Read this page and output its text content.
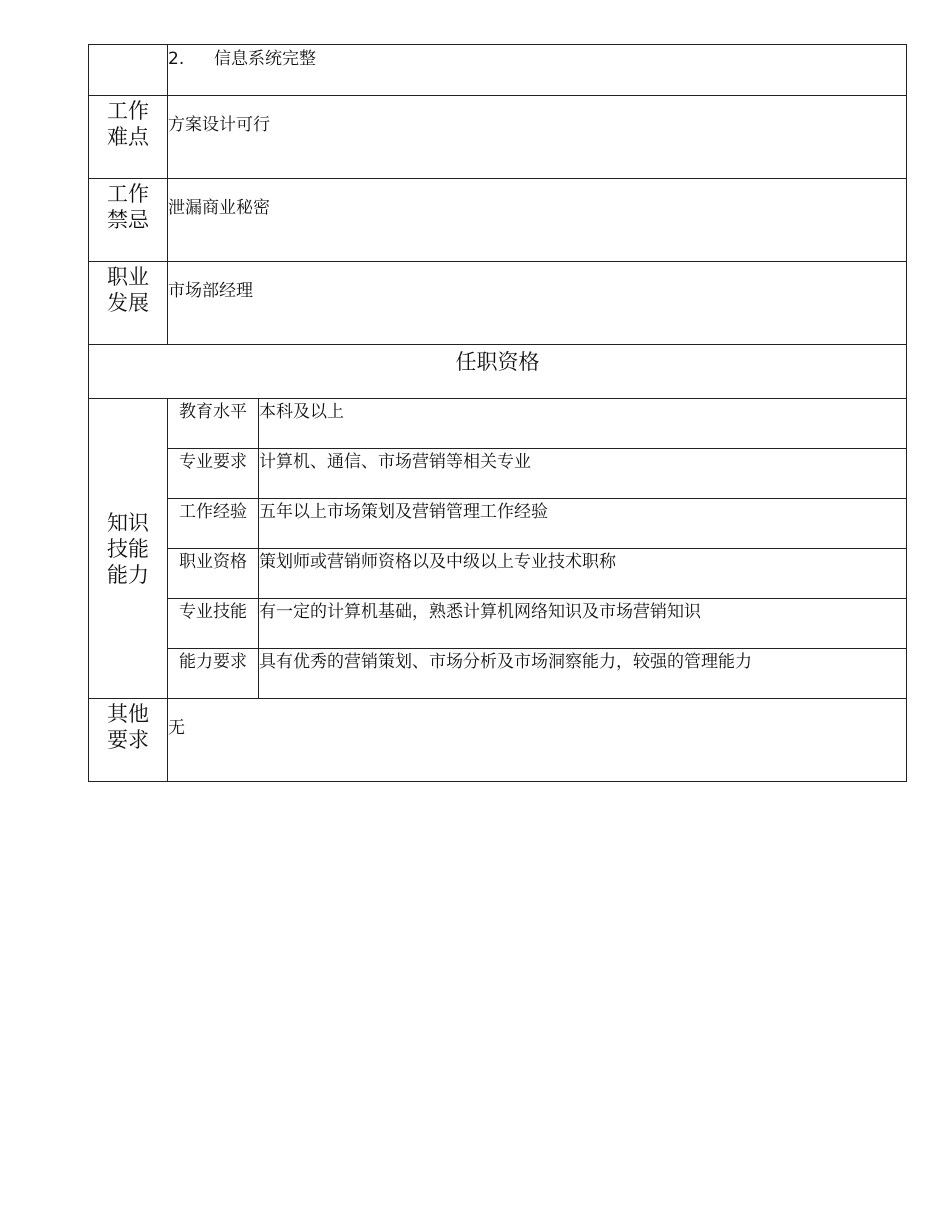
	2. 信息系统完整	

工作
难点	方案设计可行	

工作
禁忌	泄漏商业秘密	

职业
发展	市场部经理	
任职资格		

知识
技能
能力	教育水平	本科及以上
	专业要求	计算机、通信、市场营销等相关专业
	工作经验	五年以上市场策划及营销管理工作经验
	职业资格	策划师或营销师资格以及中级以上专业技术职称
	专业技能	有一定的计算机基础，熟悉计算机网络知识及市场营销知识
	能力要求	具有优秀的营销策划、市场分析及市场洞察能力，较强的管理能力

其他
要求	无	
